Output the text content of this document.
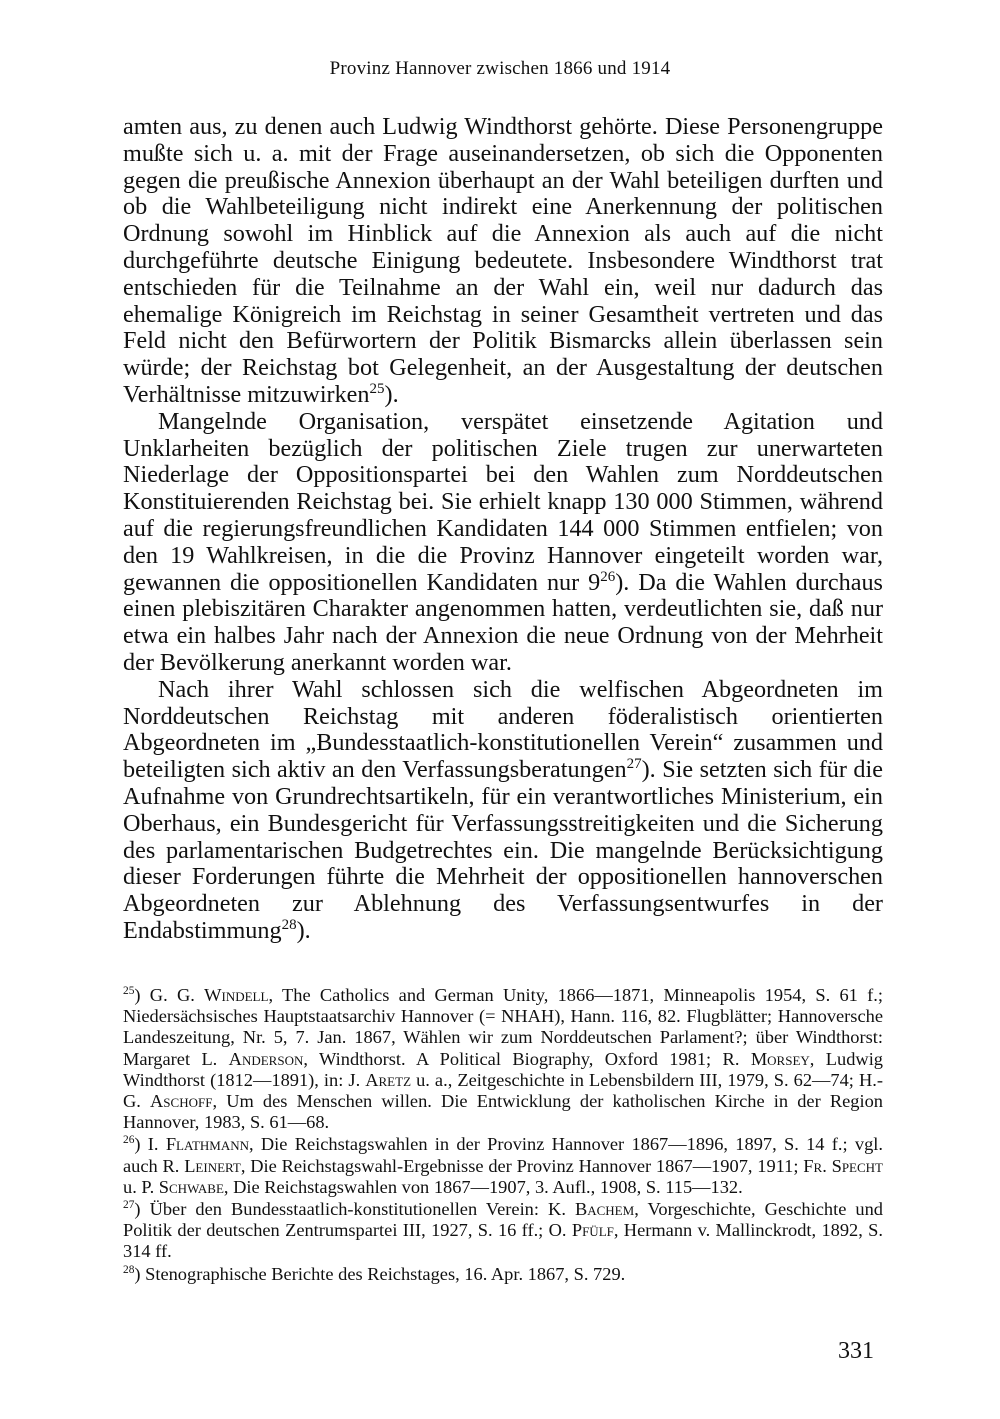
Provinz Hannover zwischen 1866 und 1914

amten aus, zu denen auch Ludwig Windthorst gehörte. Diese Personengruppe mußte sich u. a. mit der Frage auseinandersetzen, ob sich die Opponenten gegen die preußische Annexion überhaupt an der Wahl beteiligen durften und ob die Wahlbeteiligung nicht indirekt eine Anerkennung der politischen Ordnung sowohl im Hinblick auf die Annexion als auch auf die nicht durchgeführte deutsche Einigung bedeutete. Insbesondere Windthorst trat entschieden für die Teilnahme an der Wahl ein, weil nur dadurch das ehemalige Königreich im Reichstag in seiner Gesamtheit vertreten und das Feld nicht den Befürwortern der Politik Bismarcks allein überlassen sein würde; der Reichstag bot Gelegenheit, an der Ausgestaltung der deutschen Verhältnisse mitzuwirken$^{25}$).

Mangelnde Organisation, verspätet einsetzende Agitation und Unklarheiten bezüglich der politischen Ziele trugen zur unerwarteten Niederlage der Oppositionspartei bei den Wahlen zum Norddeutschen Konstituierenden Reichstag bei. Sie erhielt knapp 130 000 Stimmen, während auf die regierungsfreundlichen Kandidaten 144 000 Stimmen entfielen; von den 19 Wahlkreisen, in die die Provinz Hannover eingeteilt worden war, gewannen die oppositionellen Kandidaten nur $9^{26}$). Da die Wahlen durchaus einen plebiszitären Charakter angenommen hatten, verdeutlichten sie, daß nur etwa ein halbes Jahr nach der Annexion die neue Ordnung von der Mehrheit der Bevölkerung anerkannt worden war.

Nach ihrer Wahl schlossen sich die welfischen Abgeordneten im Norddeutschen Reichstag mit anderen föderalistisch orientierten Abgeordneten im „Bundesstaatlich-konstitutionellen Verein“ zusammen und beteiligten sich aktiv an den Verfassungsberatungen$^{27}$). Sie setzten sich für die Aufnahme von Grundrechtsartikeln, für ein verantwortliches Ministerium, ein Oberhaus, ein Bundesgericht für Verfassungsstreitigkeiten und die Sicherung des parlamentarischen Budgetrechtes ein. Die mangelnde Berücksichtigung dieser Forderungen führte die Mehrheit der oppositionellen hannoverschen Abgeordneten zur Ablehnung des Verfassungsentwurfes in der Endabstimmung$^{28}$).

$^{25}$) G. G. Windell, The Catholics and German Unity, 1866—1871, Minneapolis 1954, S. 61 f.; Niedersächsisches Hauptstaatsarchiv Hannover (= NHAH), Hann. 116, 82. Flugblätter; Hannoversche Landeszeitung, Nr. 5, 7. Jan. 1867, Wählen wir zum Norddeutschen Parlament?; über Windthorst: Margaret L. Anderson, Windthorst. A Political Biography, Oxford 1981; R. Morsey, Ludwig Windthorst (1812—1891), in: J. Aretz u. a., Zeitgeschichte in Lebensbildern III, 1979, S. 62—74; H.-G. Aschoff, Um des Menschen willen. Die Entwicklung der katholischen Kirche in der Region Hannover, 1983, S. 61—68.

$^{26}$) I. Flathmann, Die Reichstagswahlen in der Provinz Hannover 1867—1896, 1897, S. 14 f.; vgl. auch R. Leinert, Die Reichstagswahl-Ergebnisse der Provinz Hannover 1867—1907, 1911; Fr. Specht u. P. Schwabe, Die Reichstagswahlen von 1867—1907, 3. Aufl., 1908, S. 115—132.

$^{27}$) Über den Bundesstaatlich-konstitutionellen Verein: K. Bachem, Vorgeschichte, Geschichte und Politik der deutschen Zentrumspartei III, 1927, S. 16 ff.; O. Pfülf, Hermann v. Mallinckrodt, 1892, S. 314 ff.

$^{28}$) Stenographische Berichte des Reichstages, 16. Apr. 1867, S. 729.

331
